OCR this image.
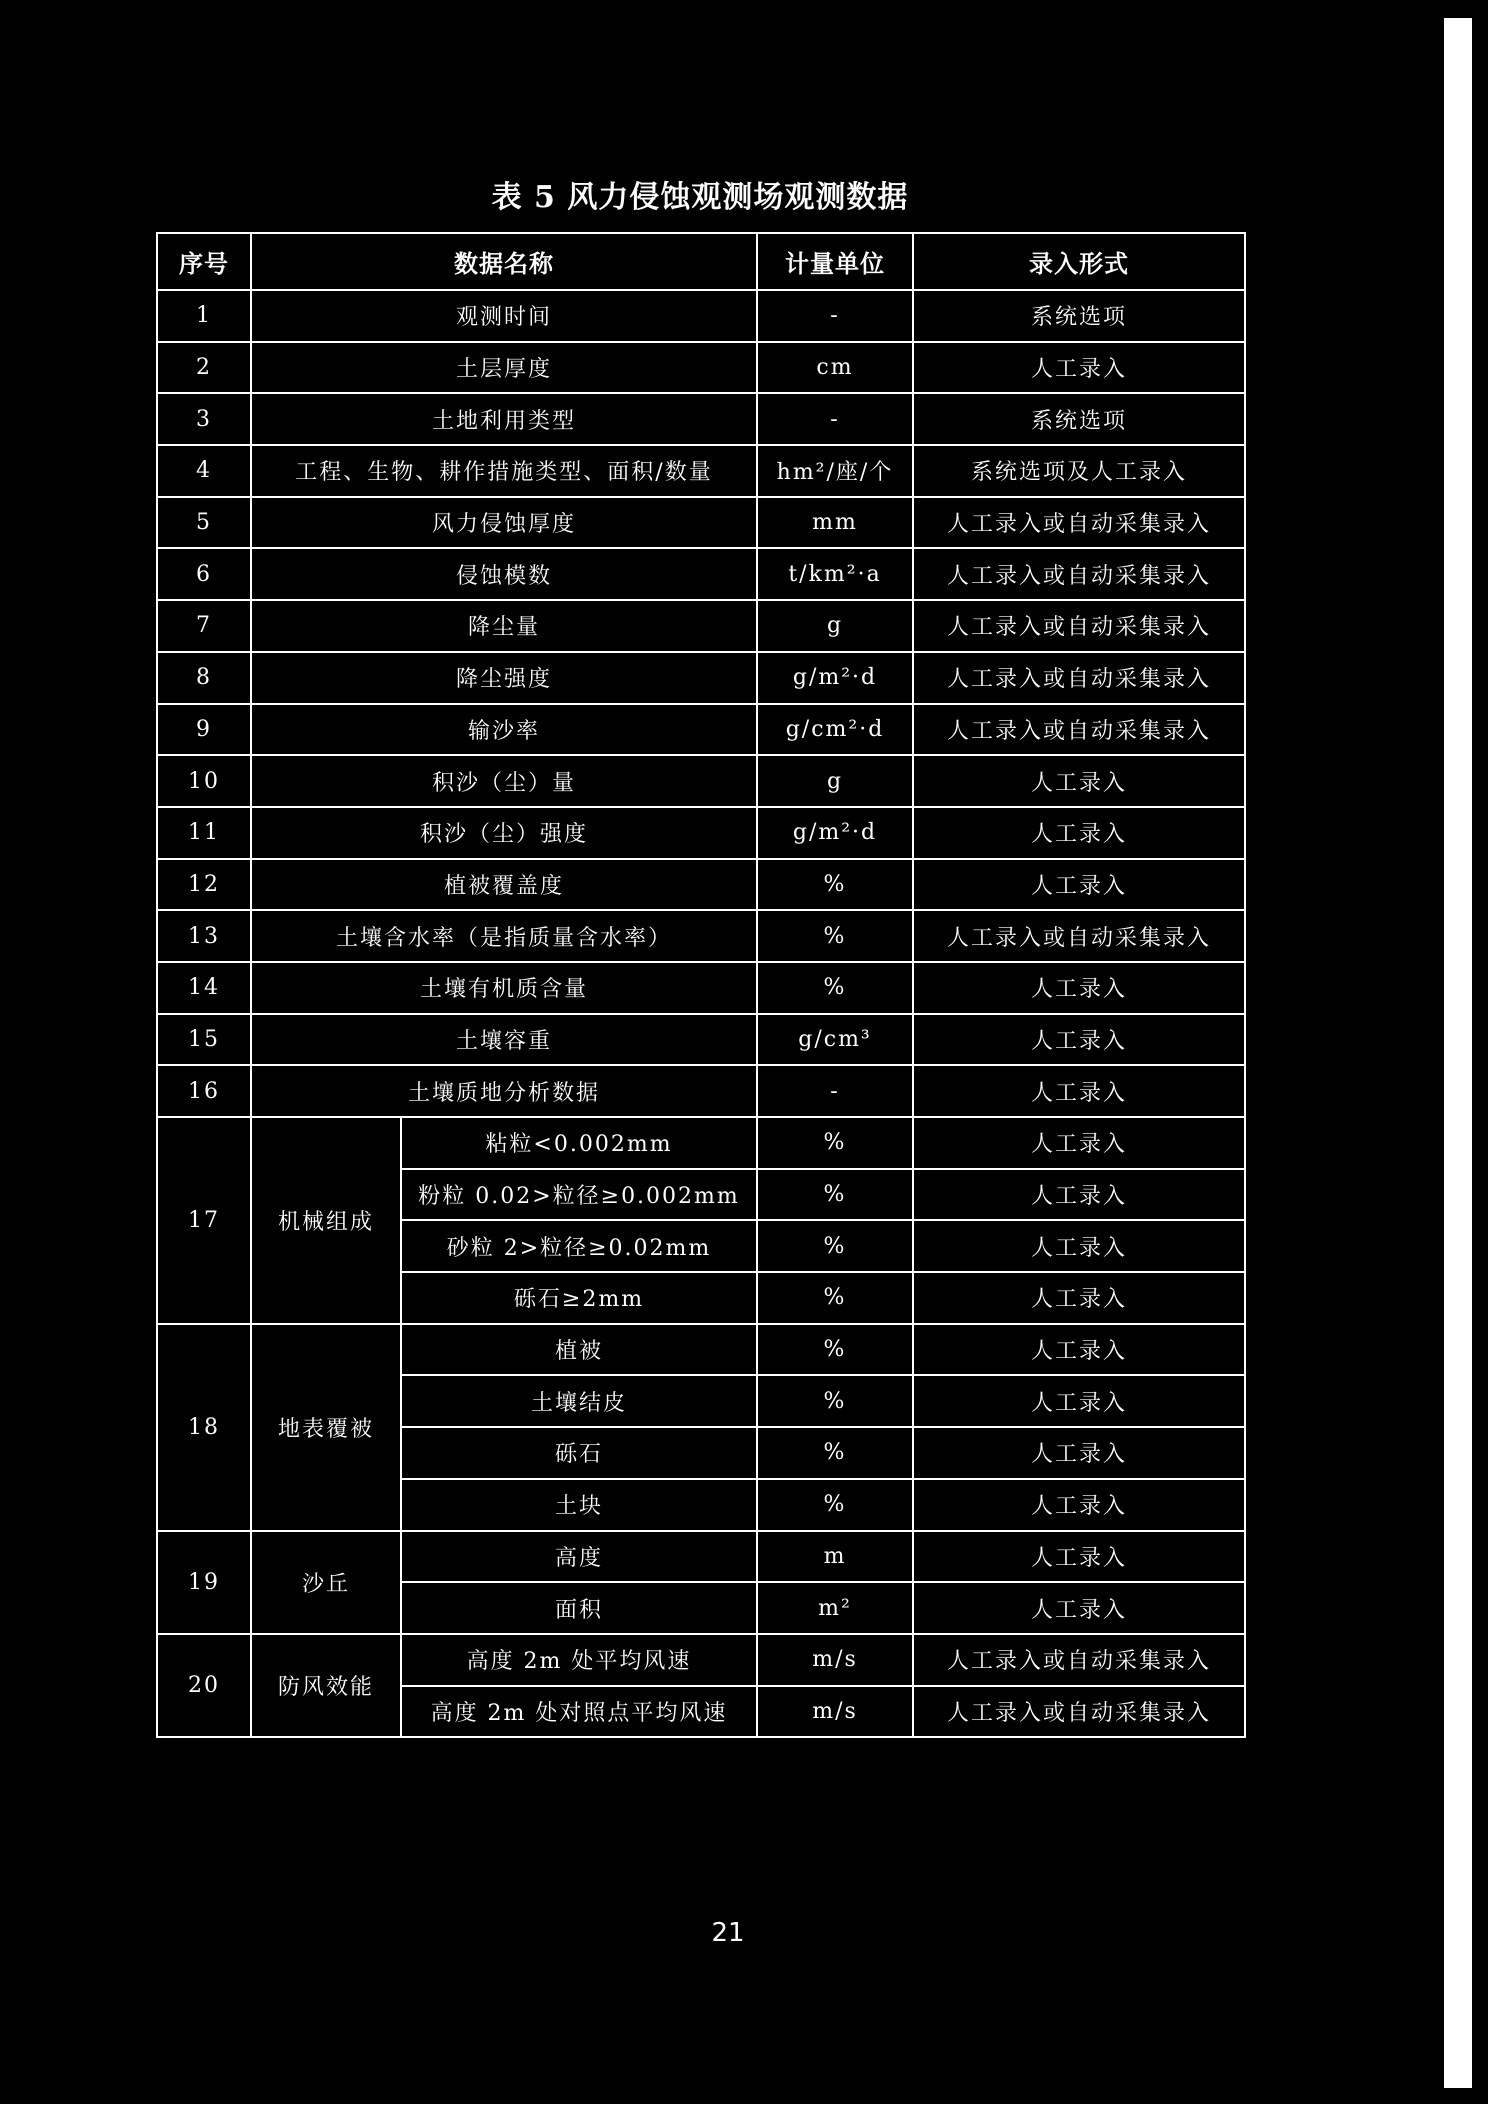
表 5 风力侵蚀观测场观测数据
序号	数据名称		计量单位	录入形式
1	观测时间		-	系统选项
2	土层厚度		cm	人工录入
3	土地利用类型		-	系统选项
4	工程、生物、耕作措施类型、面积/数量		hm²/座/个	系统选项及人工录入
5	风力侵蚀厚度		mm	人工录入或自动采集录入
6	侵蚀模数		t/km²·a	人工录入或自动采集录入
7	降尘量		g	人工录入或自动采集录入
8	降尘强度		g/m²·d	人工录入或自动采集录入
9	输沙率		g/cm²·d	人工录入或自动采集录入
10	积沙（尘）量		g	人工录入
11	积沙（尘）强度		g/m²·d	人工录入
12	植被覆盖度		%	人工录入
13	土壤含水率（是指质量含水率）		%	人工录入或自动采集录入
14	土壤有机质含量		%	人工录入
15	土壤容重		g/cm³	人工录入
16	土壤质地分析数据		-	人工录入
17	机械组成	粘粒<0.002mm	%	人工录入
		粉粒 0.02>粒径≥0.002mm	%	人工录入
		砂粒 2>粒径≥0.02mm	%	人工录入
		砾石≥2mm	%	人工录入
18	地表覆被	植被	%	人工录入
		土壤结皮	%	人工录入
		砾石	%	人工录入
		土块	%	人工录入
19	沙丘	高度	m	人工录入
		面积	m²	人工录入
20	防风效能	高度 2m 处平均风速	m/s	人工录入或自动采集录入
		高度 2m 处对照点平均风速	m/s	人工录入或自动采集录入
21
